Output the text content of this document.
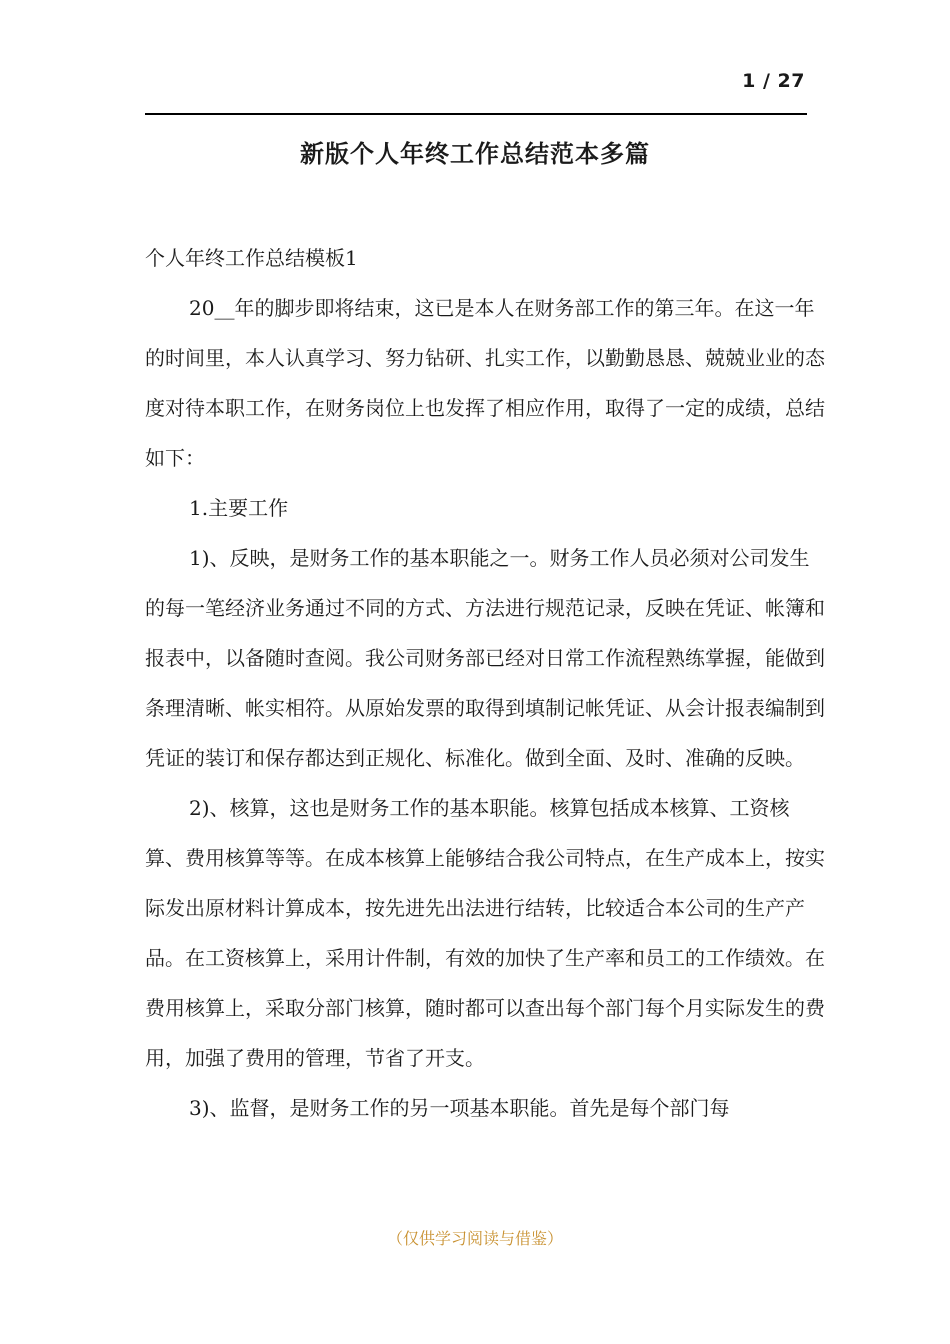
1 / 27
新版个人年终工作总结范本多篇

个人年终工作总结模板1

20__年的脚步即将结束，这已是本人在财务部工作的第三年。在这一年的时间里，本人认真学习、努力钻研、扎实工作，以勤勤恳恳、兢兢业业的态度对待本职工作，在财务岗位上也发挥了相应作用，取得了一定的成绩，总结如下：

1.主要工作

1)、反映，是财务工作的基本职能之一。财务工作人员必须对公司发生的每一笔经济业务通过不同的方式、方法进行规范记录，反映在凭证、帐簿和报表中，以备随时查阅。我公司财务部已经对日常工作流程熟练掌握，能做到条理清晰、帐实相符。从原始发票的取得到填制记帐凭证、从会计报表编制到凭证的装订和保存都达到正规化、标准化。做到全面、及时、准确的反映。

2)、核算，这也是财务工作的基本职能。核算包括成本核算、工资核算、费用核算等等。在成本核算上能够结合我公司特点，在生产成本上，按实际发出原材料计算成本，按先进先出法进行结转，比较适合本公司的生产产品。在工资核算上，采用计件制，有效的加快了生产率和员工的工作绩效。在费用核算上，采取分部门核算，随时都可以查出每个部门每个月实际发生的费用，加强了费用的管理，节省了开支。

3)、监督，是财务工作的另一项基本职能。首先是每个部门每

（仅供学习阅读与借鉴）
